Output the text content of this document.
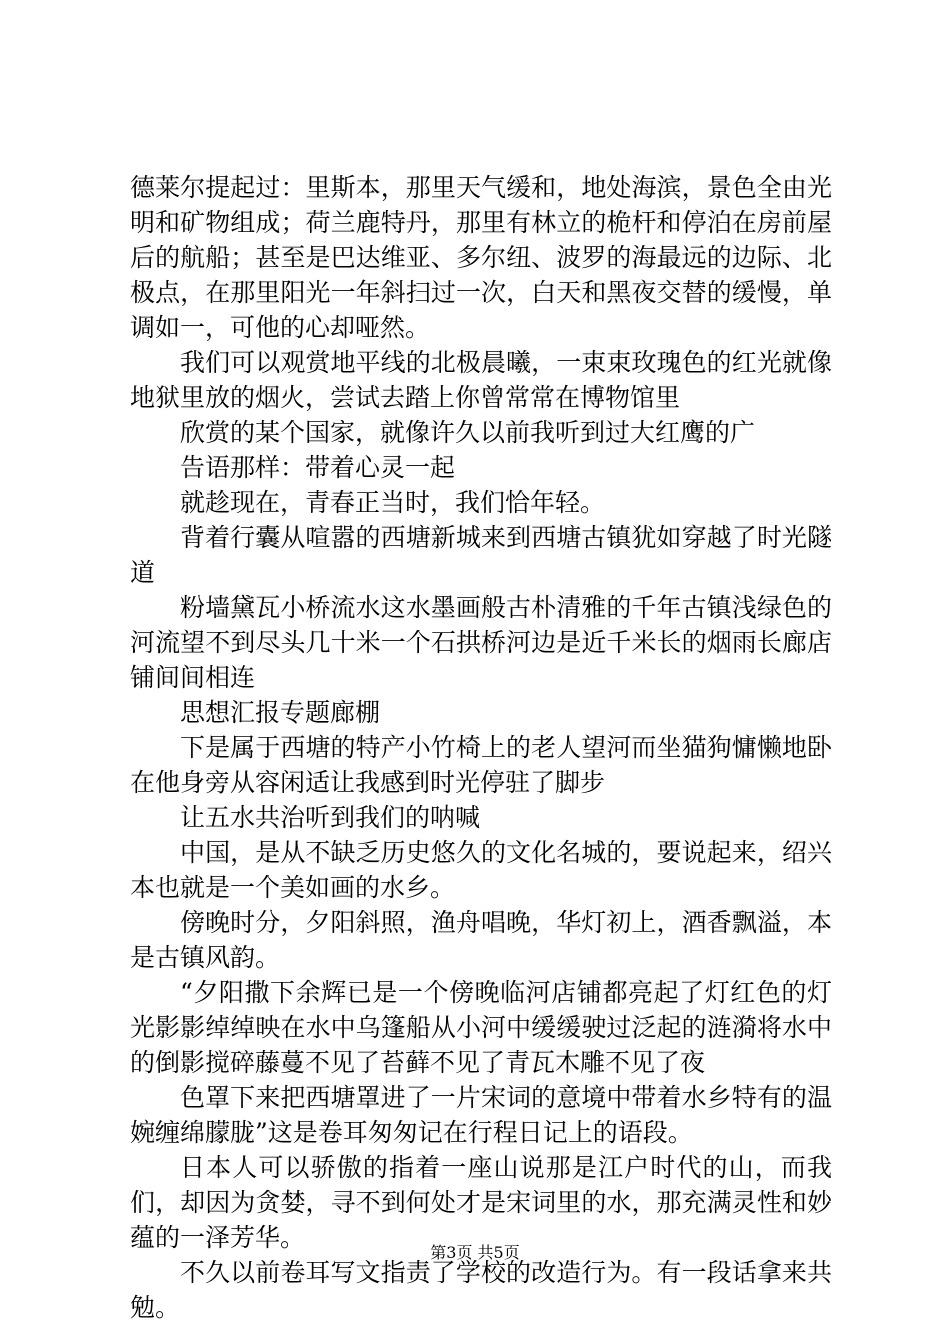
德莱尔提起过：里斯本，那里天气缓和，地处海滨，景色全由光明和矿物组成；荷兰鹿特丹，那里有林立的桅杆和停泊在房前屋后的航船；甚至是巴达维亚、多尔纽、波罗的海最远的边际、北极点，在那里阳光一年斜扫过一次，白天和黑夜交替的缓慢，单调如一，可他的心却哑然。

我们可以观赏地平线的北极晨曦，一束束玫瑰色的红光就像地狱里放的烟火，尝试去踏上你曾常常在博物馆里

欣赏的某个国家，就像许久以前我听到过大红鹰的广

告语那样：带着心灵一起

就趁现在，青春正当时，我们恰年轻。

背着行囊从喧嚣的西塘新城来到西塘古镇犹如穿越了时光隧道

粉墙黛瓦小桥流水这水墨画般古朴清雅的千年古镇浅绿色的河流望不到尽头几十米一个石拱桥河边是近千米长的烟雨长廊店铺间间相连

思想汇报专题廊棚

下是属于西塘的特产小竹椅上的老人望河而坐猫狗慵懒地卧在他身旁从容闲适让我感到时光停驻了脚步

让五水共治听到我们的呐喊

中国，是从不缺乏历史悠久的文化名城的，要说起来，绍兴本也就是一个美如画的水乡。

傍晚时分，夕阳斜照，渔舟唱晚，华灯初上，酒香飘溢，本是古镇风韵。

“夕阳撒下余辉已是一个傍晚临河店铺都亮起了灯红色的灯光影影绰绰映在水中乌篷船从小河中缓缓驶过泛起的涟漪将水中的倒影搅碎藤蔓不见了苔藓不见了青瓦木雕不见了夜

色罩下来把西塘罩进了一片宋词的意境中带着水乡特有的温婉缠绵朦胧”这是卷耳匆匆记在行程日记上的语段。

日本人可以骄傲的指着一座山说那是江户时代的山，而我们，却因为贪婪，寻不到何处才是宋词里的水，那充满灵性和妙蕴的一泽芳华。

不久以前卷耳写文指责了学校的改造行为。有一段话拿来共勉。

第3页 共5页
